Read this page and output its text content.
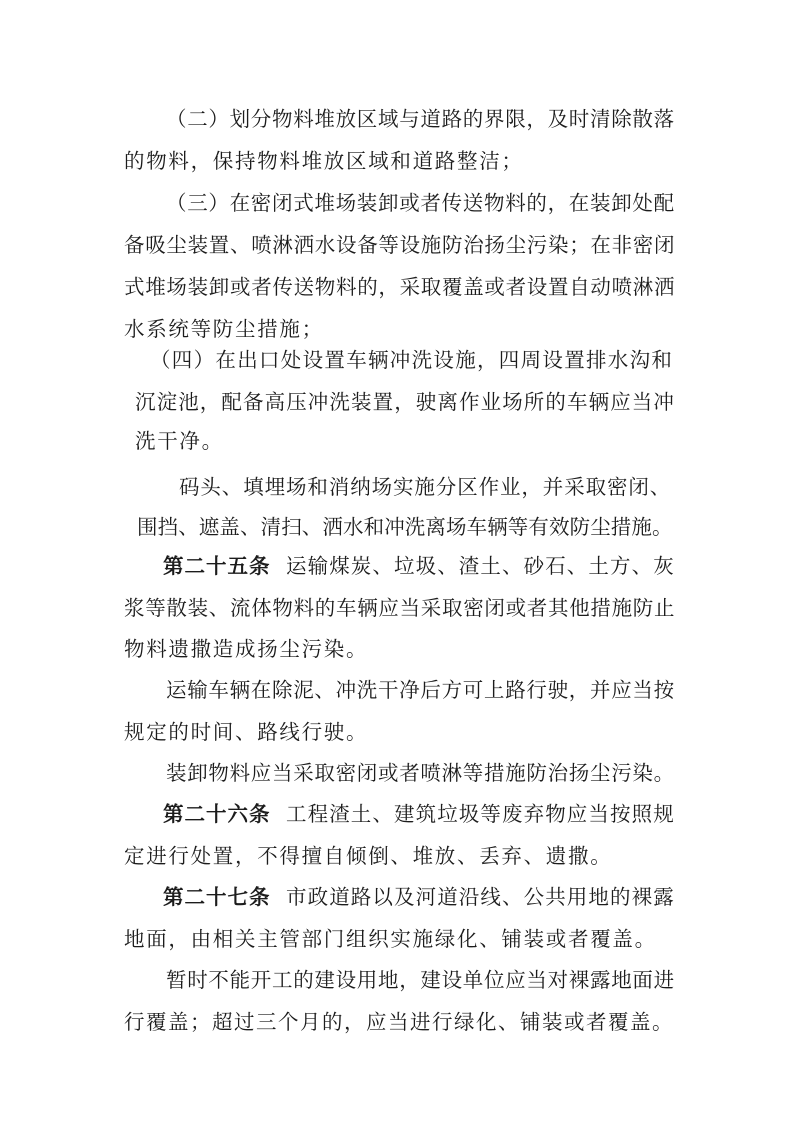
（二）划分物料堆放区域与道路的界限，及时清除散落
的物料，保持物料堆放区域和道路整洁；
（三）在密闭式堆场装卸或者传送物料的，在装卸处配
备吸尘装置、喷淋洒水设备等设施防治扬尘污染；在非密闭
式堆场装卸或者传送物料的，采取覆盖或者设置自动喷淋洒
水系统等防尘措施；
（四）在出口处设置车辆冲洗设施，四周设置排水沟和
沉淀池，配备高压冲洗装置，驶离作业场所的车辆应当冲
洗干净。
码头、填埋场和消纳场实施分区作业，并采取密闭、
围挡、遮盖、清扫、洒水和冲洗离场车辆等有效防尘措施。
第二十五条 运输煤炭、垃圾、渣土、砂石、土方、灰
浆等散装、流体物料的车辆应当采取密闭或者其他措施防止
物料遗撒造成扬尘污染。
运输车辆在除泥、冲洗干净后方可上路行驶，并应当按
规定的时间、路线行驶。
装卸物料应当采取密闭或者喷淋等措施防治扬尘污染。
第二十六条 工程渣土、建筑垃圾等废弃物应当按照规
定进行处置，不得擅自倾倒、堆放、丢弃、遗撒。
第二十七条 市政道路以及河道沿线、公共用地的裸露
地面，由相关主管部门组织实施绿化、铺装或者覆盖。
暂时不能开工的建设用地，建设单位应当对裸露地面进
行覆盖；超过三个月的，应当进行绿化、铺装或者覆盖。
